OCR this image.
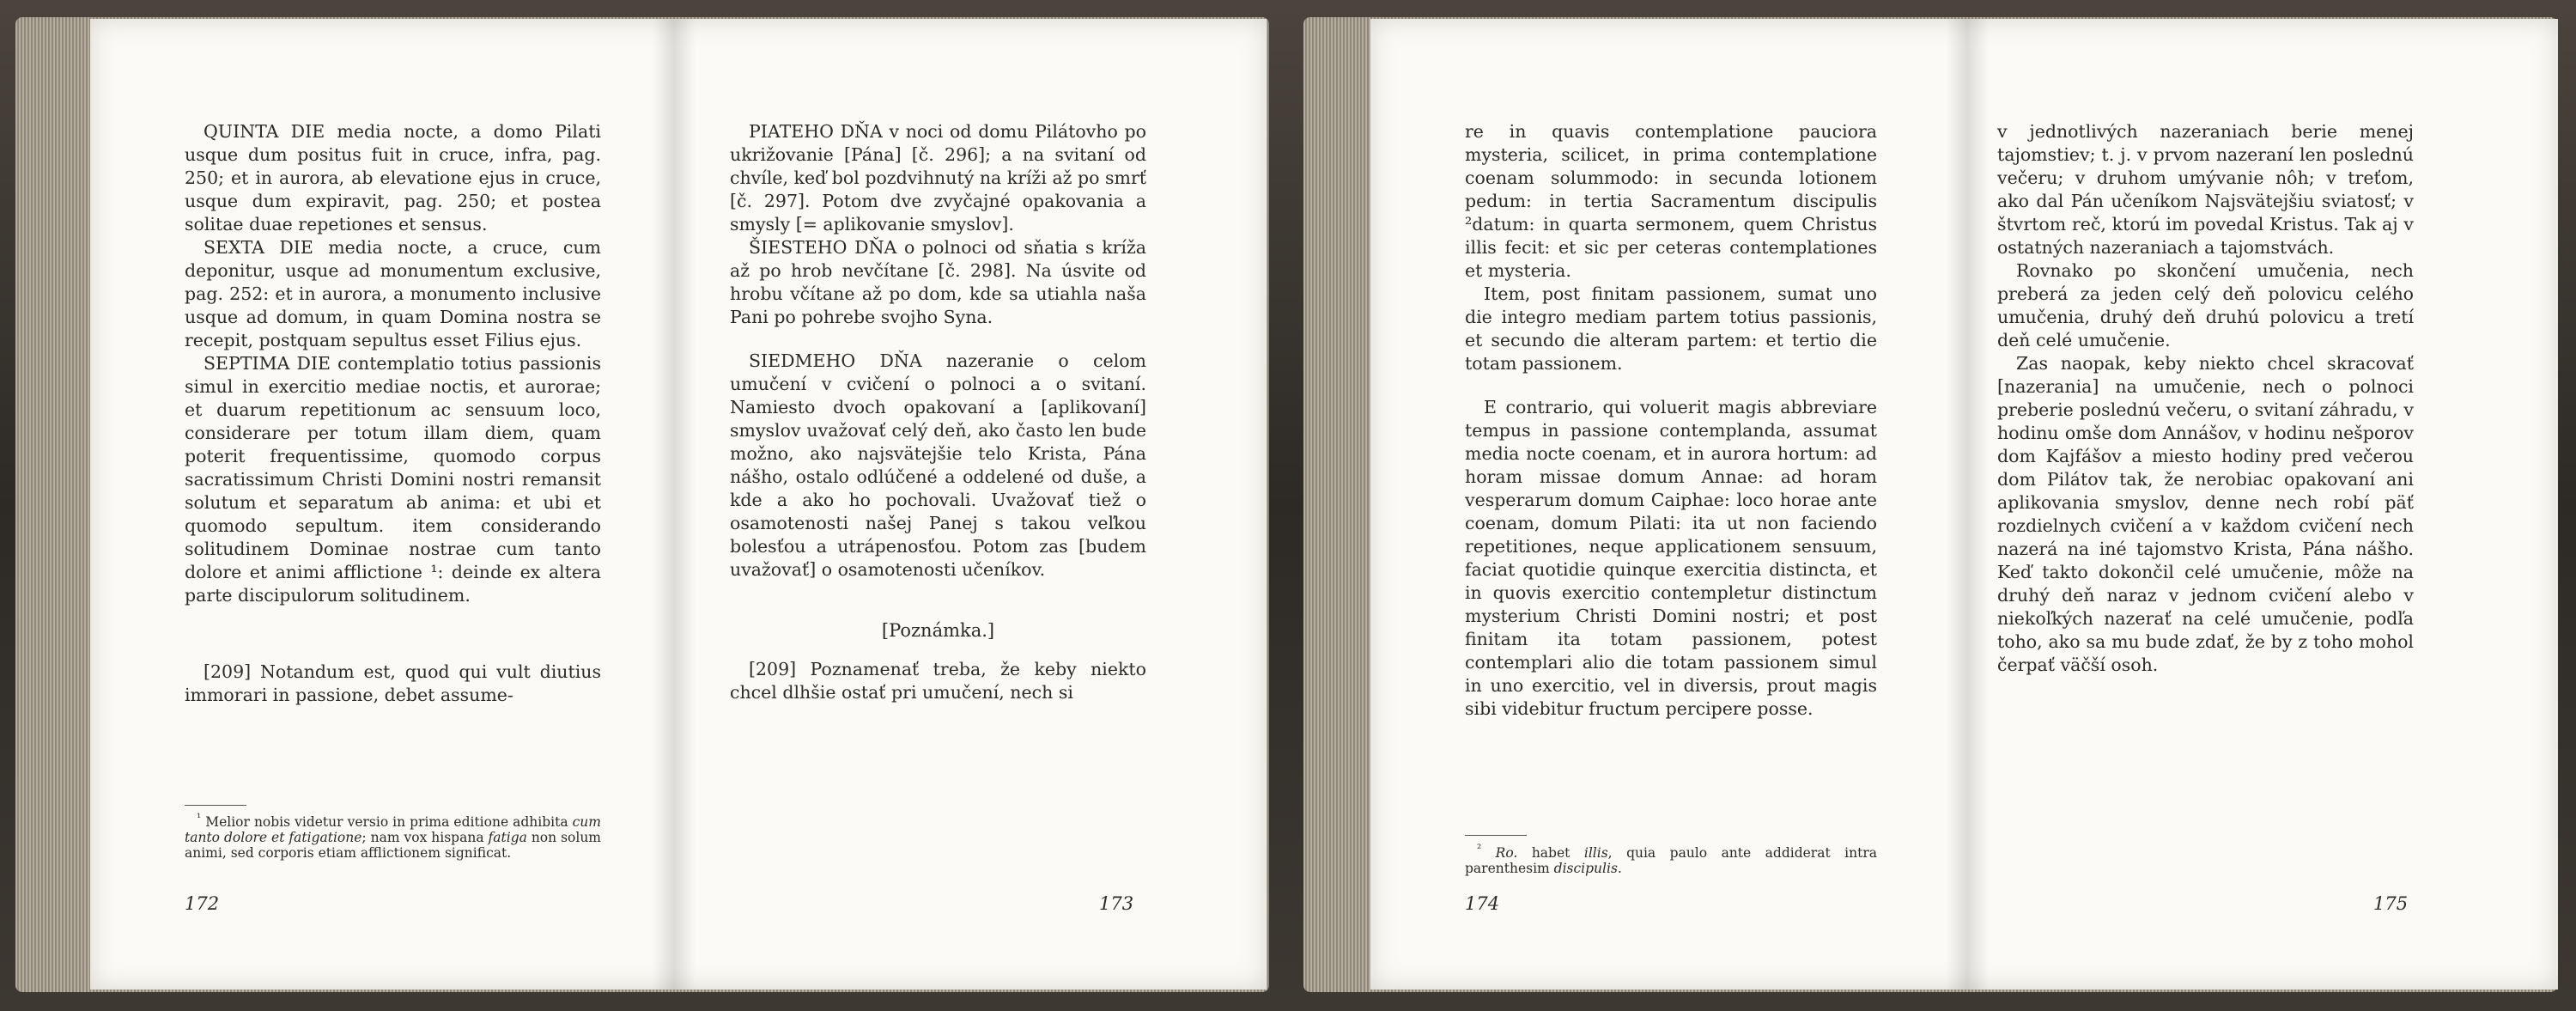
QUINTA DIE media nocte, a domo Pilati usque dum positus fuit in cruce, infra, pag. 250; et in aurora, ab elevatione ejus in cruce, usque dum expiravit, pag. 250; et postea solitae duae repetiones et sensus.

SEXTA DIE media nocte, a cruce, cum deponitur, usque ad monumentum exclusive, pag. 252: et in aurora, a monumento inclusive usque ad domum, in quam Domina nostra se recepit, postquam sepultus esset Filius ejus.

SEPTIMA DIE contemplatio totius passionis simul in exercitio mediae noctis, et aurorae; et duarum repetitionum ac sensuum loco, considerare per totum illam diem, quam poterit frequentissime, quomodo corpus sacratissimum Christi Domini nostri remansit solutum et separatum ab anima: et ubi et quomodo sepultum. item considerando solitudinem Dominae nostrae cum tanto dolore et animi afflictione ¹: deinde ex altera parte discipulorum solitudinem.

[209] Notandum est, quod qui vult diutius immorari in passione, debet assume-

$^{^1}$ Melior nobis videtur versio in prima editione adhibita cum tanto dolore et fatigatione; nam vox hispana fatiga non solum animi, sed corporis etiam afflictionem significat.

172

PIATEHO DŇA v noci od domu Pilátovho po ukrižovanie [Pána] [č. 296]; a na svitaní od chvíle, keď bol pozdvihnutý na kríži až po smrť [č. 297]. Potom dve zvyčajné opakovania a smysly [= aplikovanie smyslov].

ŠIESTEHO DŇA o polnoci od sňatia s kríža až po hrob nevčítane [č. 298]. Na úsvite od hrobu včítane až po dom, kde sa utiahla naša Pani po pohrebe svojho Syna.

SIEDMEHO DŇA nazeranie o celom umučení v cvičení o polnoci a o svitaní. Namiesto dvoch opakovaní a [aplikovaní] smyslov uvažovať celý deň, ako často len bude možno, ako najsvätejšie telo Krista, Pána nášho, ostalo odlúčené a oddelené od duše, a kde a ako ho pochovali. Uvažovať tiež o osamotenosti našej Panej s takou veľkou bolesťou a utrápenosťou. Potom zas [budem uvažovať] o osamotenosti učeníkov.

[Poznámka.]

[209] Poznamenať treba, že keby niekto chcel dlhšie ostať pri umučení, nech si

173

re in quavis contemplatione pauciora mysteria, scilicet, in prima contemplatione coenam solummodo: in secunda lotionem pedum: in tertia Sacramentum discipulis ²datum: in quarta sermonem, quem Christus illis fecit: et sic per ceteras contemplationes et mysteria.

Item, post finitam passionem, sumat uno die integro mediam partem totius passionis, et secundo die alteram partem: et tertio die totam passionem.

E contrario, qui voluerit magis abbreviare tempus in passione contemplanda, assumat media nocte coenam, et in aurora hortum: ad horam missae domum Annae: ad horam vesperarum domum Caiphae: loco horae ante coenam, domum Pilati: ita ut non faciendo repetitiones, neque applicationem sensuum, faciat quotidie quinque exercitia distincta, et in quovis exercitio contempletur distinctum mysterium Christi Domini nostri; et post finitam ita totam passionem, potest contemplari alio die totam passionem simul in uno exercitio, vel in diversis, prout magis sibi videbitur fructum percipere posse.

$^{^2}$ Ro. habet illis, quia paulo ante addiderat intra parenthesim discipulis.

174

v jednotlivých nazeraniach berie menej tajomstiev; t. j. v prvom nazeraní len poslednú večeru; v druhom umývanie nôh; v treťom, ako dal Pán učeníkom Najsvätejšiu sviatosť; v štvrtom reč, ktorú im povedal Kristus. Tak aj v ostatných nazeraniach a tajomstvách.

Rovnako po skončení umučenia, nech preberá za jeden celý deň polovicu celého umučenia, druhý deň druhú polovicu a tretí deň celé umučenie.

Zas naopak, keby niekto chcel skracovať [nazerania] na umučenie, nech o polnoci preberie poslednú večeru, o svitaní záhradu, v hodinu omše dom Annášov, v hodinu nešporov dom Kajfášov a miesto hodiny pred večerou dom Pilátov tak, že nerobiac opakovaní ani aplikovania smyslov, denne nech robí päť rozdielnych cvičení a v každom cvičení nech nazerá na iné tajomstvo Krista, Pána nášho. Keď takto dokončil celé umučenie, môže na druhý deň naraz v jednom cvičení alebo v niekoľkých nazerať na celé umučenie, podľa toho, ako sa mu bude zdať, že by z toho mohol čerpať väčší osoh.

175
